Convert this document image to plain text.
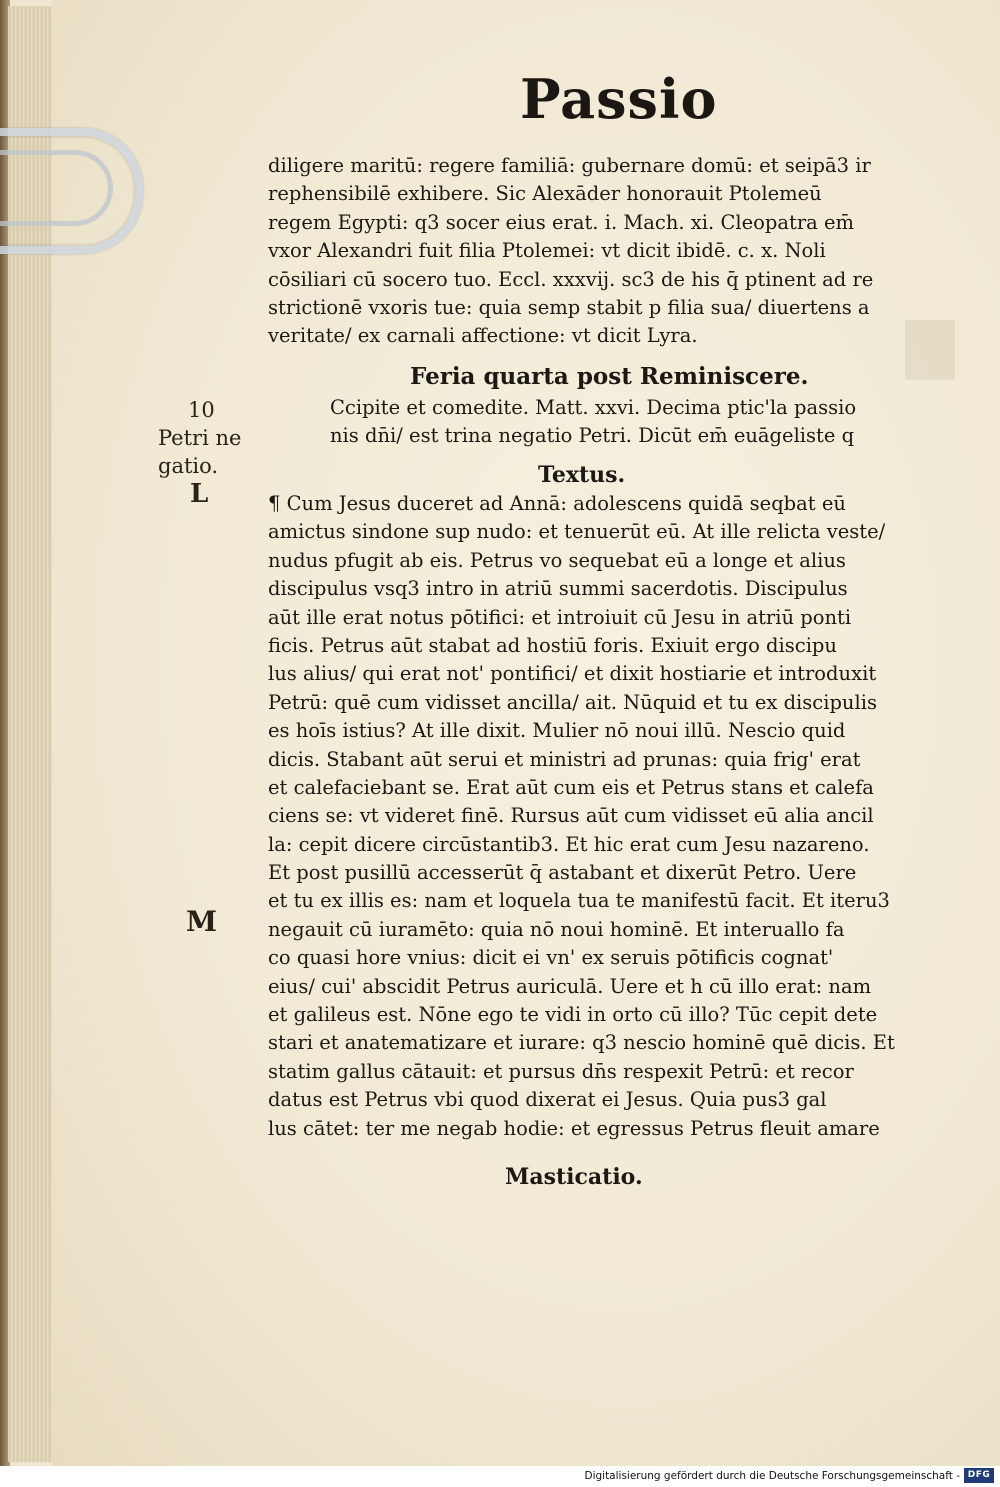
Passio
diligere maritū: regere familiā: gubernare domū: et seipā3 ir
rephensibilē exhibere. Sic Alexāder honorauit Ptolemeū
regem Egypti: q3 socer eius erat. i. Mach. xi. Cleopatra em̄
vxor Alexandri fuit filia Ptolemei: vt dicit ibidē. c. x. Noli
cōsiliari cū socero tuo. Eccl. xxxvij. sc3 de his q̄ ptinent ad re
strictionē vxoris tue: quia semp stabit p filia sua/ diuertens a
veritate/ ex carnali affectione: vt dicit Lyra.
Feria quarta post Reminiscere.
Ccipite et comedite. Matt. xxvi. Decima ptic'la passio
nis dn̄i/ est trina negatio Petri. Dicūt em̄ euāgeliste q
Textus.
¶ Cum Jesus duceret ad Annā: adolescens quidā seqbat eū
amictus sindone sup nudo: et tenuerūt eū. At ille relicta veste/
nudus pfugit ab eis. Petrus vo sequebat eū a longe et alius
discipulus vsq3 intro in atriū summi sacerdotis. Discipulus
aūt ille erat notus pōtifici: et introiuit cū Jesu in atriū ponti
ficis. Petrus aūt stabat ad hostiū foris. Exiuit ergo discipu
lus alius/ qui erat not' pontifici/ et dixit hostiarie et introduxit
Petrū: quē cum vidisset ancilla/ ait. Nūquid et tu ex discipulis
es hoīs istius? At ille dixit. Mulier nō noui illū. Nescio quid
dicis. Stabant aūt serui et ministri ad prunas: quia frig' erat
et calefaciebant se. Erat aūt cum eis et Petrus stans et calefa
ciens se: vt videret finē. Rursus aūt cum vidisset eū alia ancil
la: cepit dicere circūstantib3. Et hic erat cum Jesu nazareno.
Et post pusillū accesserūt q̄ astabant et dixerūt Petro. Uere
et tu ex illis es: nam et loquela tua te manifestū facit. Et iteru3
negauit cū iuramēto: quia nō noui hominē. Et interuallo fa
co quasi hore vnius: dicit ei vn' ex seruis pōtificis cognat'
eius/ cui' abscidit Petrus auriculā. Uere et h cū illo erat: nam
et galileus est. Nōne ego te vidi in orto cū illo? Tūc cepit dete
stari et anatematizare et iurare: q3 nescio hominē quē dicis. Et
statim gallus cātauit: et pursus dn̄s respexit Petrū: et recor
datus est Petrus vbi quod dixerat ei Jesus. Quia pus3 gal
lus cātet: ter me negab hodie: et egressus Petrus fleuit amare
Masticatio.
10
Petri ne
gatio.
L
M
Digitalisierung gefördert durch die Deutsche Forschungsgemeinschaft - DFG
